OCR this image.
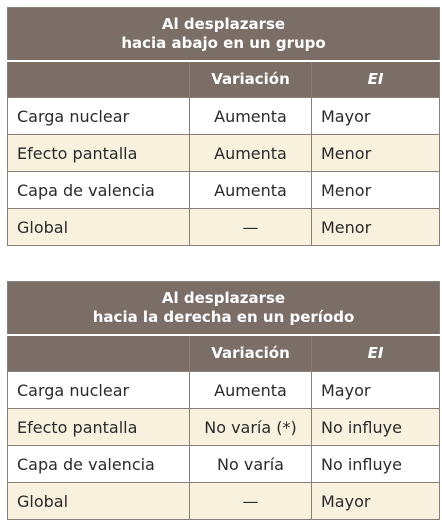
Al desplazarse
hacia abajo en un grupo		
	Variación	EI
Carga nuclear	Aumenta	Mayor
Efecto pantalla	Aumenta	Menor
Capa de valencia	Aumenta	Menor
Global	—	Menor
Al desplazarse
hacia la derecha en un período		
	Variación	EI
Carga nuclear	Aumenta	Mayor
Efecto pantalla	No varía (*)	No influye
Capa de valencia	No varía	No influye
Global	—	Mayor
